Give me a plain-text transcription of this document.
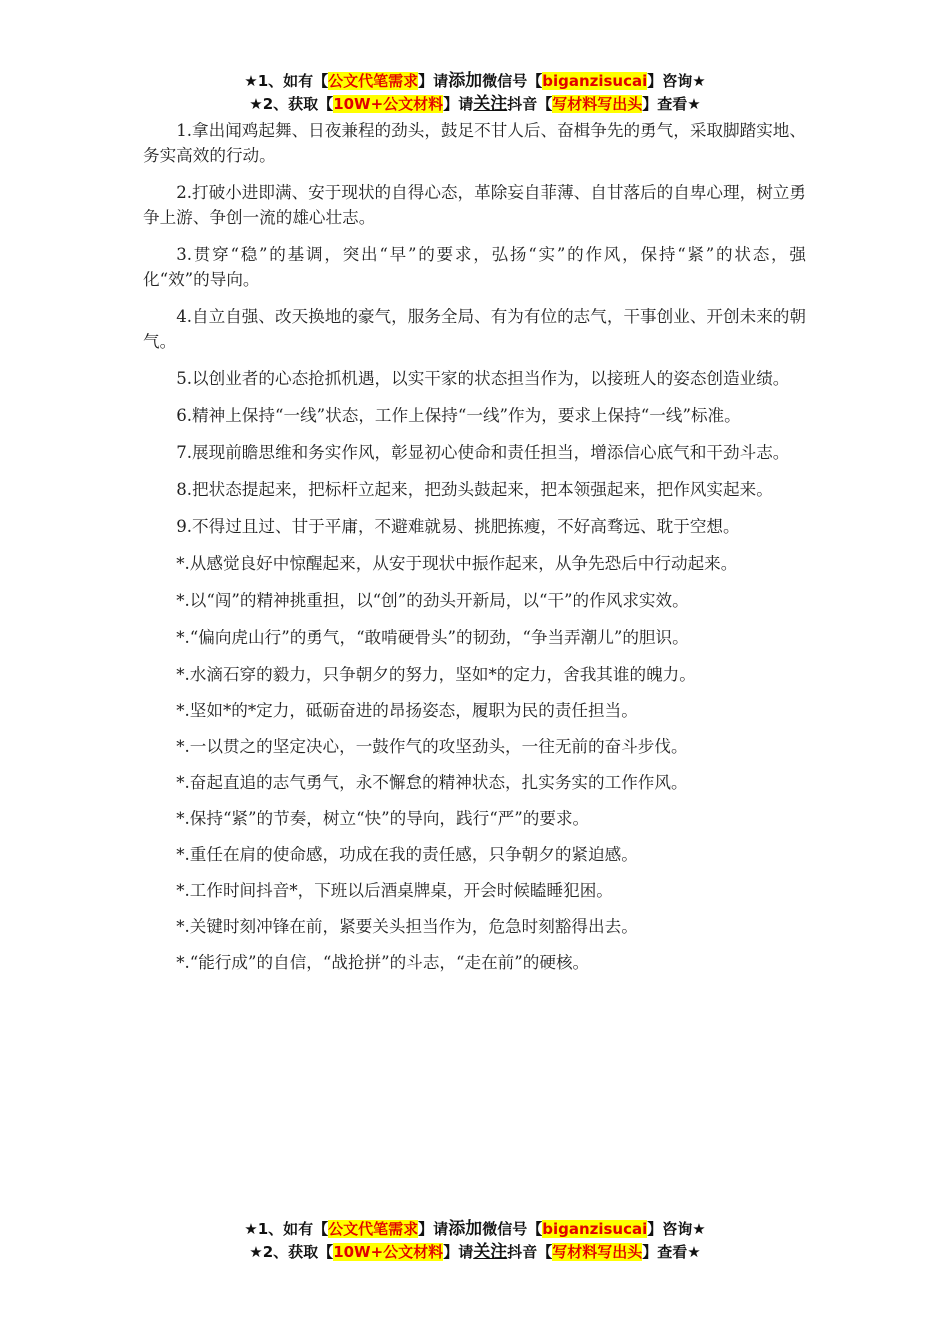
★1、如有【公文代笔需求】请添加微信号【biganzisucai】咨询★
★2、获取【10W+公文材料】请关注抖音【写材料写出头】查看★

1.拿出闻鸡起舞、日夜兼程的劲头，鼓足不甘人后、奋楫争先的勇气，采取脚踏实地、务实高效的行动。

2.打破小进即满、安于现状的自得心态，革除妄自菲薄、自甘落后的自卑心理，树立勇争上游、争创一流的雄心壮志。

3.贯穿“稳”的基调，突出“早”的要求，弘扬“实”的作风，保持“紧”的状态，强化“效”的导向。

4.自立自强、改天换地的豪气，服务全局、有为有位的志气，干事创业、开创未来的朝气。

5.以创业者的心态抢抓机遇，以实干家的状态担当作为，以接班人的姿态创造业绩。

6.精神上保持“一线”状态，工作上保持“一线”作为，要求上保持“一线”标准。

7.展现前瞻思维和务实作风，彰显初心使命和责任担当，增添信心底气和干劲斗志。

8.把状态提起来，把标杆立起来，把劲头鼓起来，把本领强起来，把作风实起来。

9.不得过且过、甘于平庸，不避难就易、挑肥拣瘦，不好高骛远、耽于空想。

*.从感觉良好中惊醒起来，从安于现状中振作起来，从争先恐后中行动起来。

*.以“闯”的精神挑重担，以“创”的劲头开新局，以“干”的作风求实效。

*.“偏向虎山行”的勇气，“敢啃硬骨头”的韧劲，“争当弄潮儿”的胆识。

*.水滴石穿的毅力，只争朝夕的努力，坚如*的定力，舍我其谁的魄力。

*.坚如*的*定力，砥砺奋进的昂扬姿态，履职为民的责任担当。

*.一以贯之的坚定决心，一鼓作气的攻坚劲头，一往无前的奋斗步伐。

*.奋起直追的志气勇气，永不懈怠的精神状态，扎实务实的工作作风。

*.保持“紧”的节奏，树立“快”的导向，践行“严”的要求。

*.重任在肩的使命感，功成在我的责任感，只争朝夕的紧迫感。

*.工作时间抖音*，下班以后酒桌牌桌，开会时候瞌睡犯困。

*.关键时刻冲锋在前，紧要关头担当作为，危急时刻豁得出去。

*.“能行成”的自信，“战抢拼”的斗志，“走在前”的硬核。

★1、如有【公文代笔需求】请添加微信号【biganzisucai】咨询★
★2、获取【10W+公文材料】请关注抖音【写材料写出头】查看★
